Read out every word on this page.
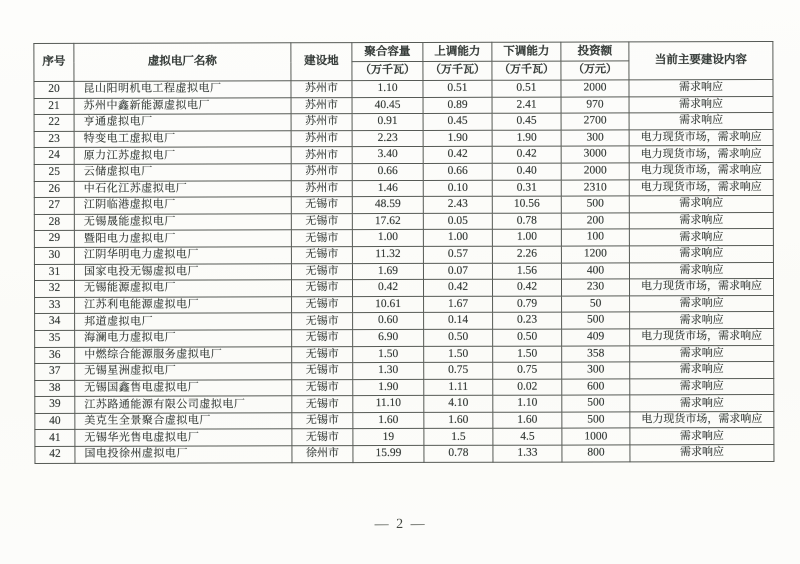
序号	虚拟电厂名称	建设地	聚合容量	上调能力	下调能力	投资额	当前主要建设内容
			（万千瓦）	（万千瓦）	（万千瓦）	（万元）	
20	昆山阳明机电工程虚拟电厂	苏州市	1.10	0.51	0.51	2000	需求响应
21	苏州中鑫新能源虚拟电厂	苏州市	40.45	0.89	2.41	970	需求响应
22	亨通虚拟电厂	苏州市	0.91	0.45	0.45	2700	需求响应
23	特变电工虚拟电厂	苏州市	2.23	1.90	1.90	300	电力现货市场，需求响应
24	原力江苏虚拟电厂	苏州市	3.40	0.42	0.42	3000	电力现货市场，需求响应
25	云储虚拟电厂	苏州市	0.66	0.66	0.40	2000	电力现货市场，需求响应
26	中石化江苏虚拟电厂	苏州市	1.46	0.10	0.31	2310	电力现货市场，需求响应
27	江阴临港虚拟电厂	无锡市	48.59	2.43	10.56	500	需求响应
28	无锡晟能虚拟电厂	无锡市	17.62	0.05	0.78	200	需求响应
29	暨阳电力虚拟电厂	无锡市	1.00	1.00	1.00	100	需求响应
30	江阴华明电力虚拟电厂	无锡市	11.32	0.57	2.26	1200	需求响应
31	国家电投无锡虚拟电厂	无锡市	1.69	0.07	1.56	400	需求响应
32	无锡能源虚拟电厂	无锡市	0.42	0.42	0.42	230	电力现货市场，需求响应
33	江苏利电能源虚拟电厂	无锡市	10.61	1.67	0.79	50	需求响应
34	邦道虚拟电厂	无锡市	0.60	0.14	0.23	500	需求响应
35	海澜电力虚拟电厂	无锡市	6.90	0.50	0.50	409	电力现货市场，需求响应
36	中燃综合能源服务虚拟电厂	无锡市	1.50	1.50	1.50	358	需求响应
37	无锡星洲虚拟电厂	无锡市	1.30	0.75	0.75	300	需求响应
38	无锡国鑫售电虚拟电厂	无锡市	1.90	1.11	0.02	600	需求响应
39	江苏路通能源有限公司虚拟电厂	无锡市	11.10	4.10	1.10	500	需求响应
40	美克生全景聚合虚拟电厂	无锡市	1.60	1.60	1.60	500	电力现货市场，需求响应
41	无锡华光售电虚拟电厂	无锡市	19	1.5	4.5	1000	需求响应
42	国电投徐州虚拟电厂	徐州市	15.99	0.78	1.33	800	需求响应
— 2 —
